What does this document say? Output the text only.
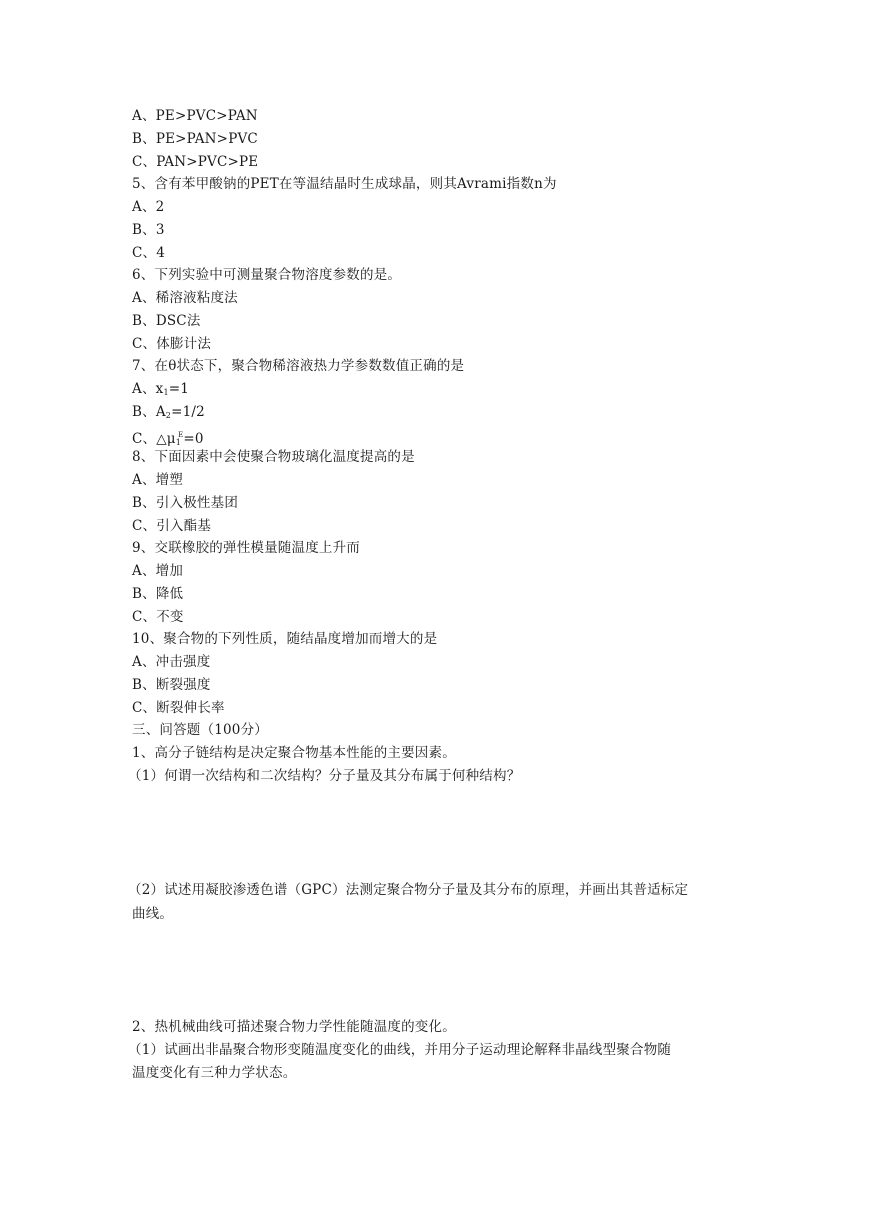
A、PE>PVC>PAN
B、PE>PAN>PVC
C、PAN>PVC>PE
5、含有苯甲酸钠的PET在等温结晶时生成球晶，则其Avrami指数n为
A、2
B、3
C、4
6、下列实验中可测量聚合物溶度参数的是。
A、稀溶液粘度法
B、DSC法
C、体膨计法
7、在θ状态下，聚合物稀溶液热力学参数数值正确的是
A、$x_1=1$
B、$A_2=1/2$
C、$\triangle\mu_1^E=0$
8、下面因素中会使聚合物玻璃化温度提高的是
A、增塑
B、引入极性基团
C、引入酯基
9、交联橡胶的弹性模量随温度上升而
A、增加
B、降低
C、不变
10、聚合物的下列性质，随结晶度增加而增大的是
A、冲击强度
B、断裂强度
C、断裂伸长率
三、问答题（100分）
1、高分子链结构是决定聚合物基本性能的主要因素。
（1）何谓一次结构和二次结构？分子量及其分布属于何种结构？
（2）试述用凝胶渗透色谱（GPC）法测定聚合物分子量及其分布的原理，并画出其普适标定
曲线。
2、热机械曲线可描述聚合物力学性能随温度的变化。
（1）试画出非晶聚合物形变随温度变化的曲线，并用分子运动理论解释非晶线型聚合物随
温度变化有三种力学状态。
